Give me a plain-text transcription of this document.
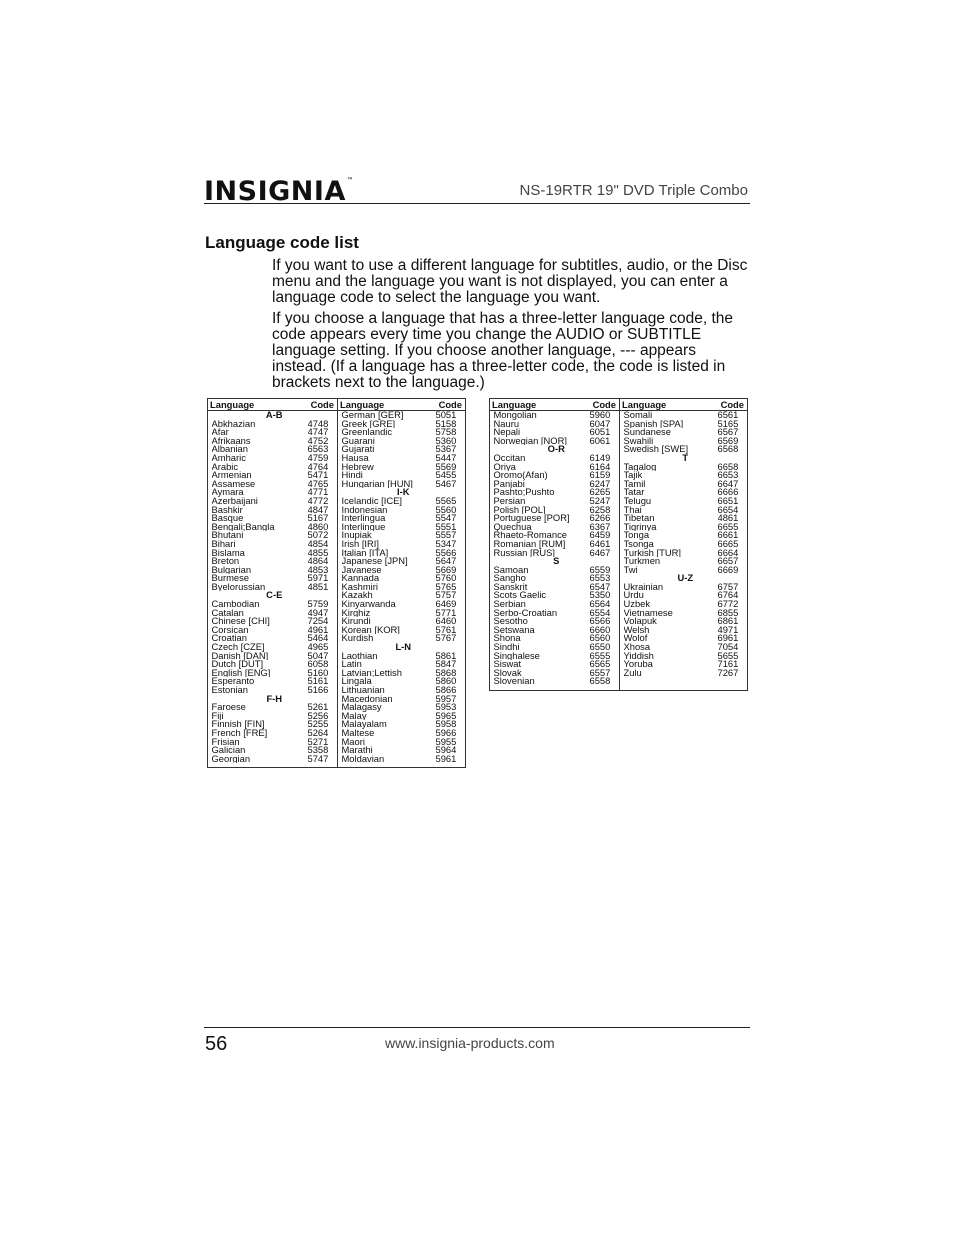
INSIGNIA™
NS-19RTR 19" DVD Triple Combo
Language code list

If you want to use a different language for subtitles, audio, or the Disc menu and the language you want is not displayed, you can enter a language code to select the language you want.

If you choose a language that has a three-letter language code, the code appears every time you change the AUDIO or SUBTITLE language setting. If you choose another language, --- appears instead. (If a language has a three-letter code, the code is listed in brackets next to the language.)

Language		Code	Language		Code
	A-B			German [GER]	5051
	Abkhazian	4748		Greek [GRE]	5158
	Afar	4747		Greenlandic	5758
	Afrikaans	4752		Guarani	5360
	Albanian	6563		Gujarati	5367
	Amharic	4759		Hausa	5447
	Arabic	4764		Hebrew	5569
	Armenian	5471		Hindi	5455
	Assamese	4765		Hungarian [HUN]	5467
	Aymara	4771		I-K	
	Azerbaijani	4772		Icelandic [ICE]	5565
	Bashkir	4847		Indonesian	5560
	Basque	5167		Interlingua	5547
	Bengali;Bangla	4860		Interlingue	5551
	Bhutani	5072		Inupiak	5557
	Bihari	4854		Irish [IRI]	5347
	Bislama	4855		Italian [ITA]	5566
	Breton	4864		Japanese [JPN]	5647
	Bulgarian	4853		Javanese	5669
	Burmese	5971		Kannada	5760
	Byelorussian	4851		Kashmiri	5765
	C-E			Kazakh	5757
	Cambodian	5759		Kinyarwanda	6469
	Catalan	4947		Kirghiz	5771
	Chinese [CHI]	7254		Kirundi	6460
	Corsican	4961		Korean [KOR]	5761
	Croatian	5464		Kurdish	5767
	Czech [CZE]	4965		L-N	
	Danish [DAN]	5047		Laothian	5861
	Dutch [DUT]	6058		Latin	5847
	English [ENG]	5160		Latvian;Lettish	5868
	Esperanto	5161		Lingala	5860
	Estonian	5166		Lithuanian	5866
	F-H			Macedonian	5957
	Faroese	5261		Malagasy	5953
	Fiji	5256		Malay	5965
	Finnish [FIN]	5255		Malayalam	5958
	French [FRE]	5264		Maltese	5966
	Frisian	5271		Maori	5955
	Galician	5358		Marathi	5964
	Georgian	5747		Moldavian	5961

Language		Code	Language		Code
	Mongolian	5960		Somali	6561
	Nauru	6047		Spanish [SPA]	5165
	Nepali	6051		Sundanese	6567
	Norwegian [NOR]	6061		Swahili	6569
	O-R			Swedish [SWE]	6568
	Occitan	6149		T	
	Oriya	6164		Tagalog	6658
	Oromo(Afan)	6159		Tajik	6653
	Panjabi	6247		Tamil	6647
	Pashto;Pushto	6265		Tatar	6666
	Persian	5247		Telugu	6651
	Polish [POL]	6258		Thai	6654
	Portuguese [POR]	6266		Tibetan	4861
	Quechua	6367		Tigrinya	6655
	Rhaeto-Romance	6459		Tonga	6661
	Romanian [RUM]	6461		Tsonga	6665
	Russian [RUS]	6467		Turkish [TUR]	6664
	S			Turkmen	6657
	Samoan	6559		Twi	6669
	Sangho	6553		U-Z	
	Sanskrit	6547		Ukrainian	6757
	Scots Gaelic	5350		Urdu	6764
	Serbian	6564		Uzbek	6772
	Serbo-Croatian	6554		Vietnamese	6855
	Sesotho	6566		Volapuk	6861
	Setswana	6660		Welsh	4971
	Shona	6560		Wolof	6961
	Sindhi	6550		Xhosa	7054
	Singhalese	6555		Yiddish	5655
	Siswat	6565		Yoruba	7161
	Slovak	6557		Zulu	7267
	Slovenian	6558			

56	www.insignia-products.com
